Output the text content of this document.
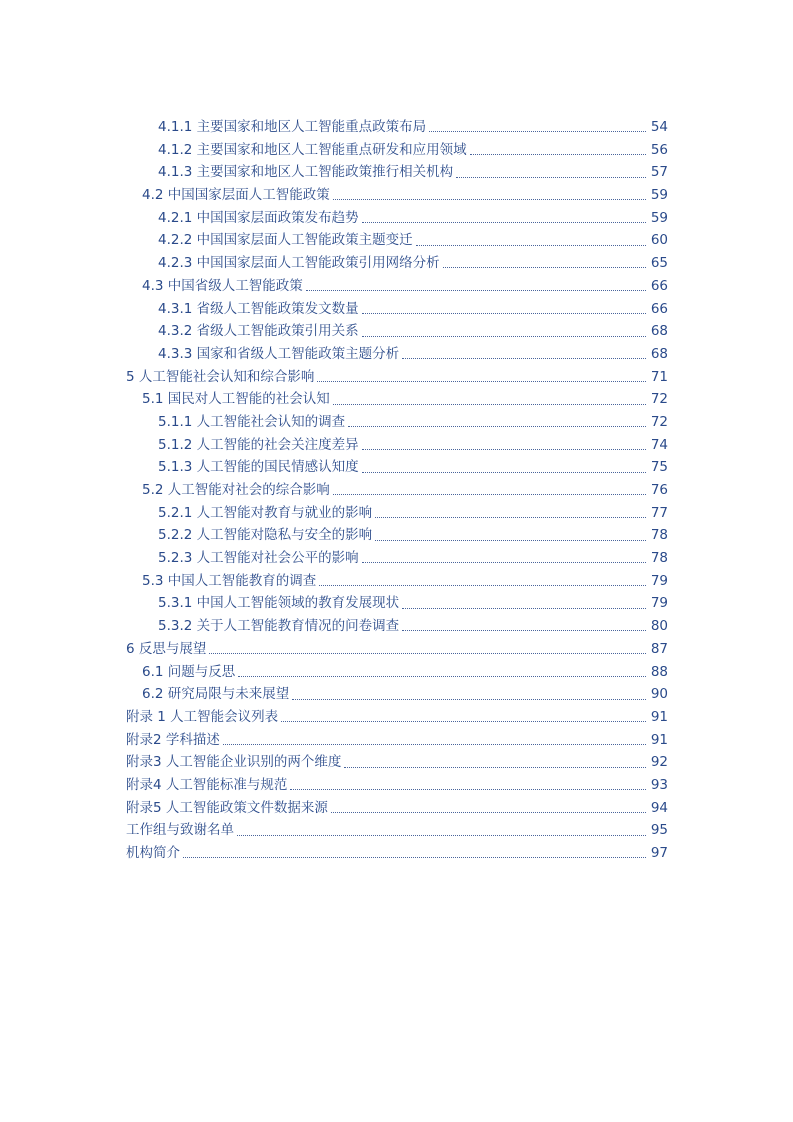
4.1.1 主要国家和地区人工智能重点政策布局	54
4.1.2 主要国家和地区人工智能重点研发和应用领域	56
4.1.3 主要国家和地区人工智能政策推行相关机构	57
4.2 中国国家层面人工智能政策	59
4.2.1 中国国家层面政策发布趋势	59
4.2.2 中国国家层面人工智能政策主题变迁	60
4.2.3 中国国家层面人工智能政策引用网络分析	65
4.3 中国省级人工智能政策	66
4.3.1 省级人工智能政策发文数量	66
4.3.2 省级人工智能政策引用关系	68
4.3.3 国家和省级人工智能政策主题分析	68
5 人工智能社会认知和综合影响	71
5.1 国民对人工智能的社会认知	72
5.1.1 人工智能社会认知的调查	72
5.1.2 人工智能的社会关注度差异	74
5.1.3 人工智能的国民情感认知度	75
5.2 人工智能对社会的综合影响	76
5.2.1 人工智能对教育与就业的影响	77
5.2.2 人工智能对隐私与安全的影响	78
5.2.3 人工智能对社会公平的影响	78
5.3 中国人工智能教育的调查	79
5.3.1 中国人工智能领域的教育发展现状	79
5.3.2 关于人工智能教育情况的问卷调查	80
6 反思与展望	87
6.1 问题与反思	88
6.2 研究局限与未来展望	90
附录 1 人工智能会议列表	91
附录2 学科描述	91
附录3 人工智能企业识别的两个维度	92
附录4 人工智能标准与规范	93
附录5 人工智能政策文件数据来源	94
工作组与致谢名单	95
机构简介	97
